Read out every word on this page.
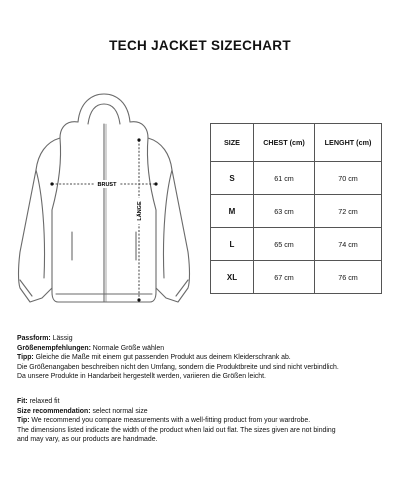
TECH JACKET SIZECHART
BRUST
LÄNGE
SIZE	CHEST (cm)	LENGHT (cm)
S	61 cm	70 cm
M	63 cm	72 cm
L	65 cm	74 cm
XL	67 cm	76 cm

Passform: Lässig

Größenempfehlungen: Normale Größe wählen

Tipp: Gleiche die Maße mit einem gut passenden Produkt aus deinem Kleiderschrank ab.

Die Größenangaben beschreiben nicht den Umfang, sondern die Produktbreite und sind nicht verbindlich.

Da unsere Produkte in Handarbeit hergestellt werden, variieren die Größen leicht.

Fit: relaxed fit

Size recommendation: select normal size

Tip: We recommend you compare measurements with a well-fitting product from your wardrobe.

The dimensions listed indicate the width of the product when laid out flat. The sizes given are not binding

and may vary, as our products are handmade.
